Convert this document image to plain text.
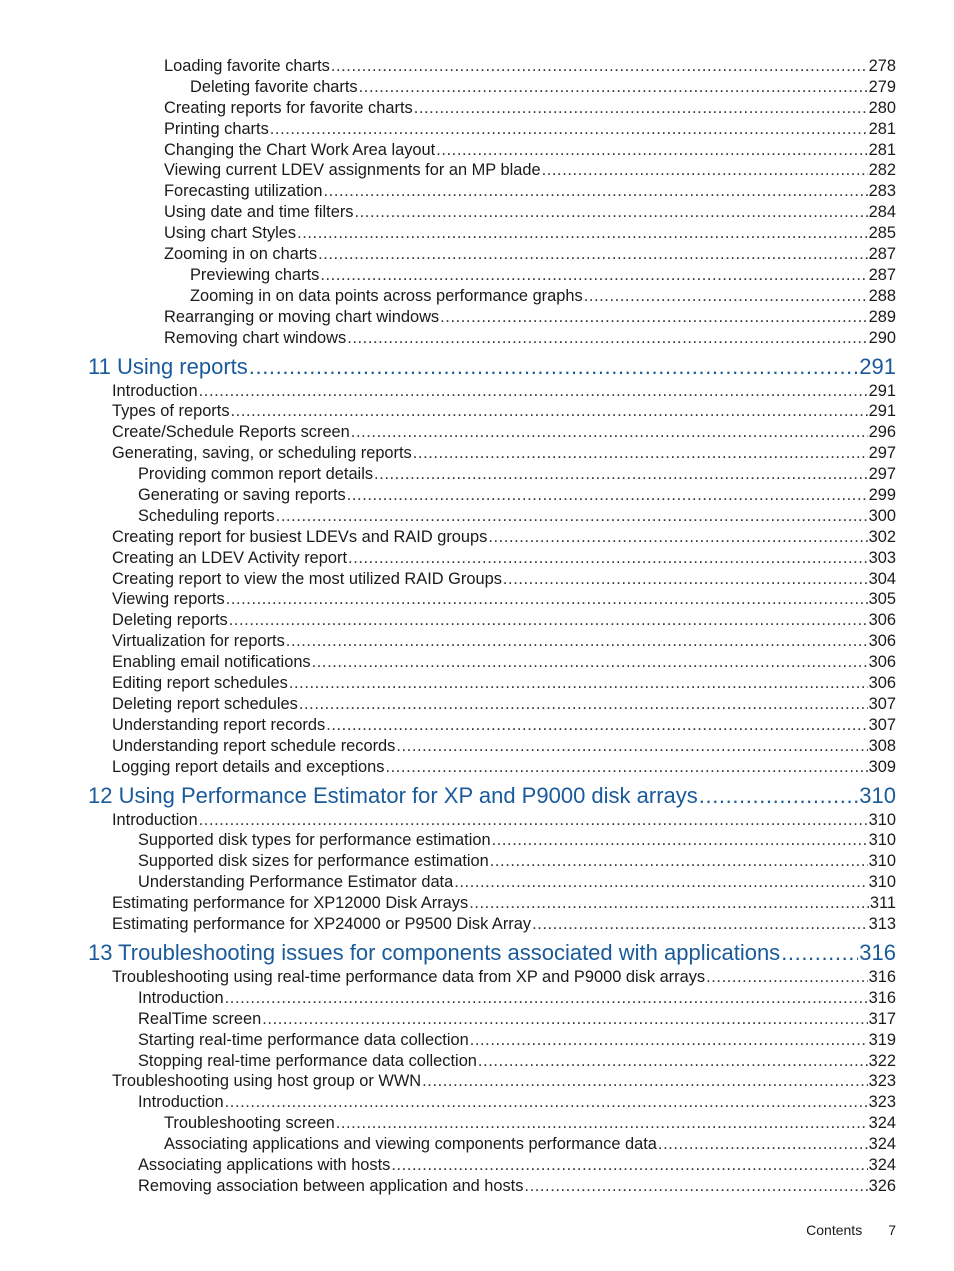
Loading favorite charts .....	278
Deleting favorite charts .....	279
Creating reports for favorite charts .....	280
Printing charts .....	281
Changing the Chart Work Area layout .....	281
Viewing current LDEV assignments for an MP blade .....	282
Forecasting utilization .....	283
Using date and time filters .....	284
Using chart Styles .....	285
Zooming in on charts .....	287
Previewing charts .....	287
Zooming in on data points across performance graphs .....	288
Rearranging or moving chart windows .....	289
Removing chart windows .....	290
11 Using reports .....	291
Introduction .....	291
Types of reports .....	291
Create/Schedule Reports screen .....	296
Generating, saving, or scheduling reports .....	297
Providing common report details .....	297
Generating or saving reports .....	299
Scheduling reports .....	300
Creating report for busiest LDEVs and RAID groups .....	302
Creating an LDEV Activity report .....	303
Creating report to view the most utilized RAID Groups .....	304
Viewing reports .....	305
Deleting reports .....	306
Virtualization for reports .....	306
Enabling email notifications .....	306
Editing report schedules .....	306
Deleting report schedules .....	307
Understanding report records .....	307
Understanding report schedule records .....	308
Logging report details and exceptions .....	309
12 Using Performance Estimator for XP and P9000 disk arrays .....	310
Introduction .....	310
Supported disk types for performance estimation .....	310
Supported disk sizes for performance estimation .....	310
Understanding Performance Estimator data .....	310
Estimating performance for XP12000 Disk Arrays .....	311
Estimating performance for XP24000 or P9500 Disk Array .....	313
13 Troubleshooting issues for components associated with applications .....	316
Troubleshooting using real-time performance data from XP and P9000 disk arrays .....	316
Introduction .....	316
RealTime screen .....	317
Starting real-time performance data collection .....	319
Stopping real-time performance data collection .....	322
Troubleshooting using host group or WWN .....	323
Introduction .....	323
Troubleshooting screen .....	324
Associating applications and viewing components performance data .....	324
Associating applications with hosts .....	324
Removing association between application and hosts .....	326
Contents 7
